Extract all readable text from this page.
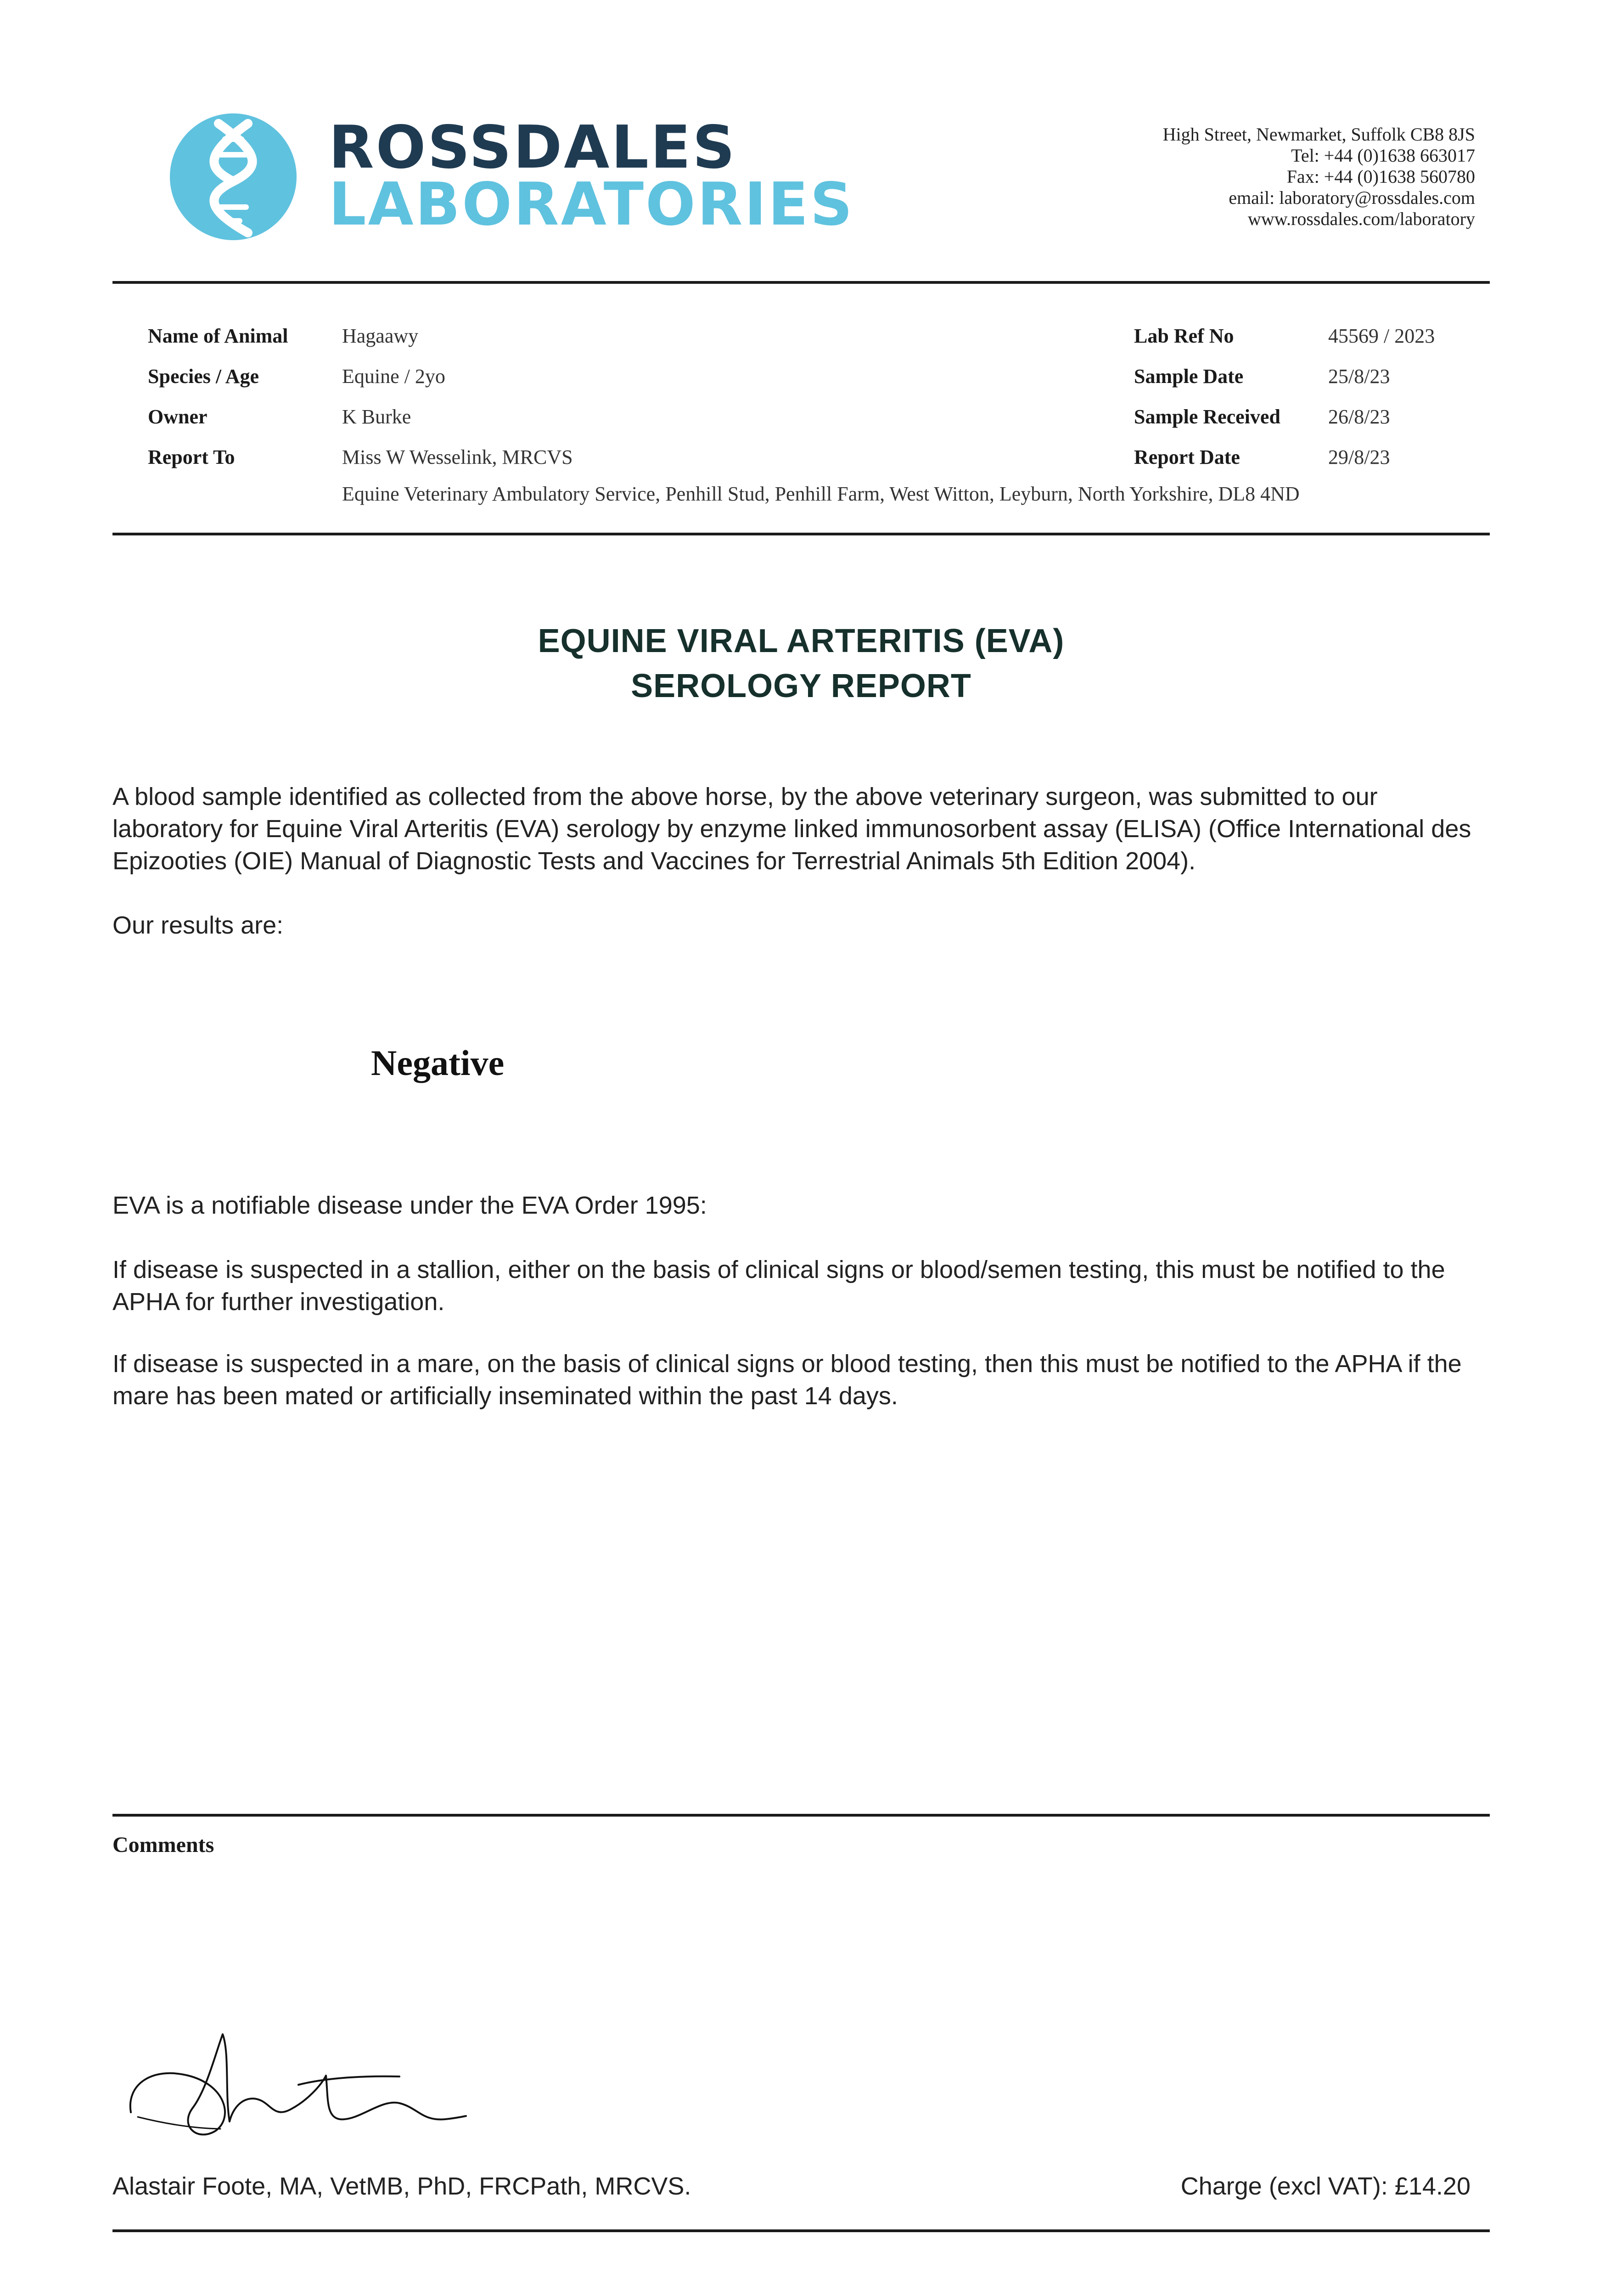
ROSSDALES
LABORATORIES
High Street, Newmarket, Suffolk CB8 8JS
Tel: +44 (0)1638 663017
Fax: +44 (0)1638 560780
email: laboratory@rossdales.com
www.rossdales.com/laboratory
Name of Animal	Hagaawy
Species / Age	Equine / 2yo
Owner	K Burke
Report To	Miss W Wesselink, MRCVS
Equine Veterinary Ambulatory Service, Penhill Stud, Penhill Farm, West Witton, Leyburn, North Yorkshire, DL8 4ND
Lab Ref No	45569 / 2023
Sample Date	25/8/23
Sample Received 26/8/23
Report Date	29/8/23
EQUINE VIRAL ARTERITIS (EVA)
SEROLOGY REPORT
A blood sample identified as collected from the above horse, by the above veterinary surgeon, was submitted to our laboratory for Equine Viral Arteritis (EVA) serology by enzyme linked immunosorbent assay (ELISA) (Office International des Epizooties (OIE) Manual of Diagnostic Tests and Vaccines for Terrestrial Animals 5th Edition 2004).
Our results are:
Negative
EVA is a notifiable disease under the EVA Order 1995:
If disease is suspected in a stallion, either on the basis of clinical signs or blood/semen testing, this must be notified to the APHA for further investigation.
If disease is suspected in a mare, on the basis of clinical signs or blood testing, then this must be notified to the APHA if the mare has been mated or artificially inseminated within the past 14 days.
Comments
Alastair Foote, MA, VetMB, PhD, FRCPath, MRCVS.	Charge (excl VAT): £14.20
